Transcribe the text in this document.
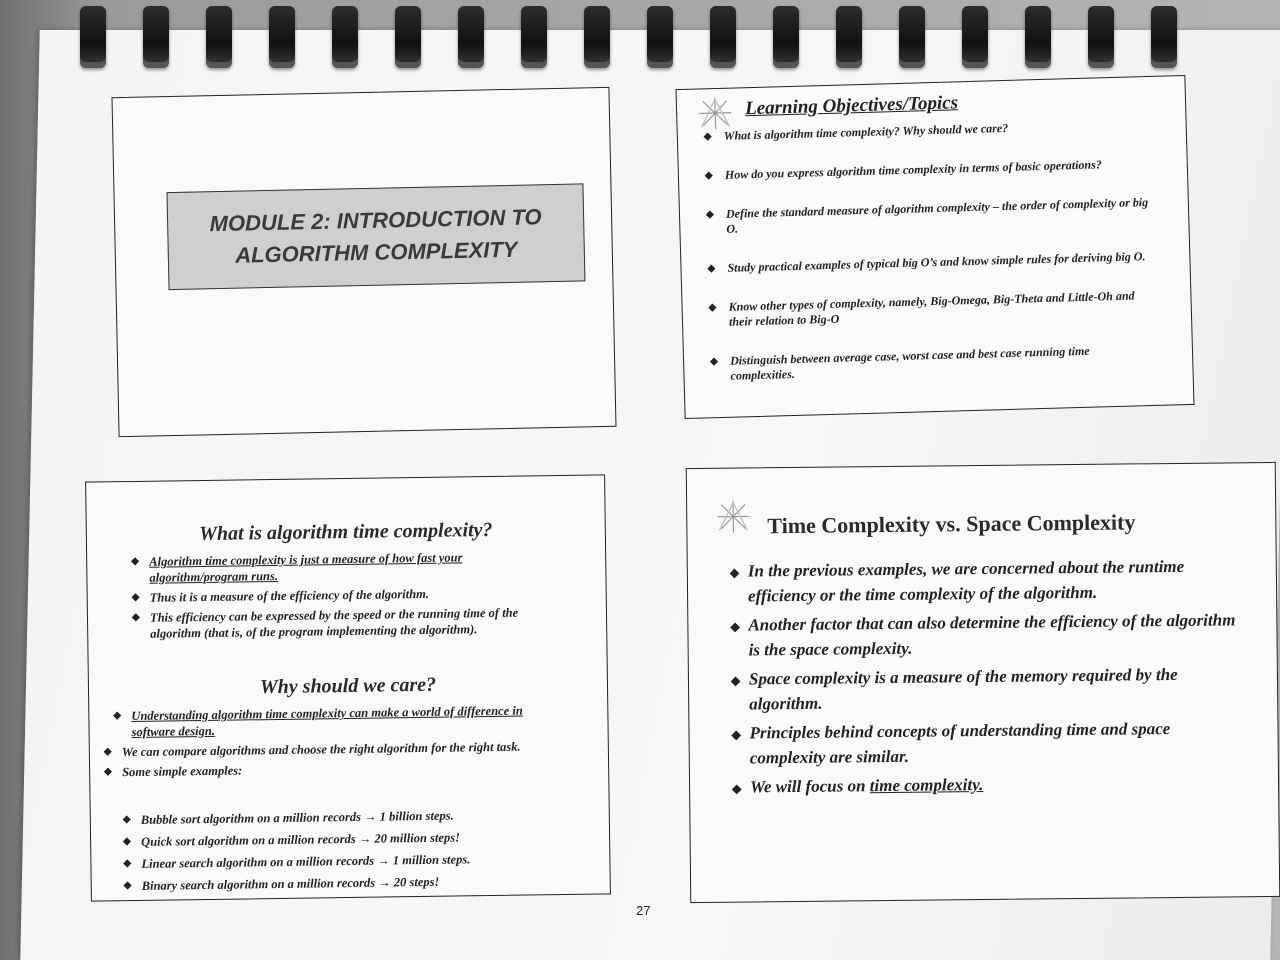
MODULE 2: INTRODUCTION TO
ALGORITHM COMPLEXITY
Learning Objectives/Topics
◆ What is algorithm time complexity? Why should we care?
◆ How do you express algorithm time complexity in terms of basic operations?
◆ Define the standard measure of algorithm complexity – the order of complexity or big O.
◆ Study practical examples of typical big O’s and know simple rules for deriving big O.
◆ Know other types of complexity, namely, Big-Omega, Big-Theta and Little-Oh and their relation to Big-O
◆ Distinguish between average case, worst case and best case running time complexities.
What is algorithm time complexity?
◆ Algorithm time complexity is just a measure of how fast your algorithm/program runs.
◆ Thus it is a measure of the efficiency of the algorithm.
◆ This efficiency can be expressed by the speed or the running time of the algorithm (that is, of the program implementing the algorithm).
Why should we care?
◆ Understanding algorithm time complexity can make a world of difference in software design.
◆ We can compare algorithms and choose the right algorithm for the right task.
◆ Some simple examples:
◆ Bubble sort algorithm on a million records → 1 billion steps.
◆ Quick sort algorithm on a million records → 20 million steps!
◆ Linear search algorithm on a million records → 1 million steps.
◆ Binary search algorithm on a million records → 20 steps!
Time Complexity vs. Space Complexity
◆ In the previous examples, we are concerned about the runtime efficiency or the time complexity of the algorithm.
◆ Another factor that can also determine the efficiency of the algorithm is the space complexity.
◆ Space complexity is a measure of the memory required by the algorithm.
◆ Principles behind concepts of understanding time and space complexity are similar.
◆ We will focus on time complexity.
27
